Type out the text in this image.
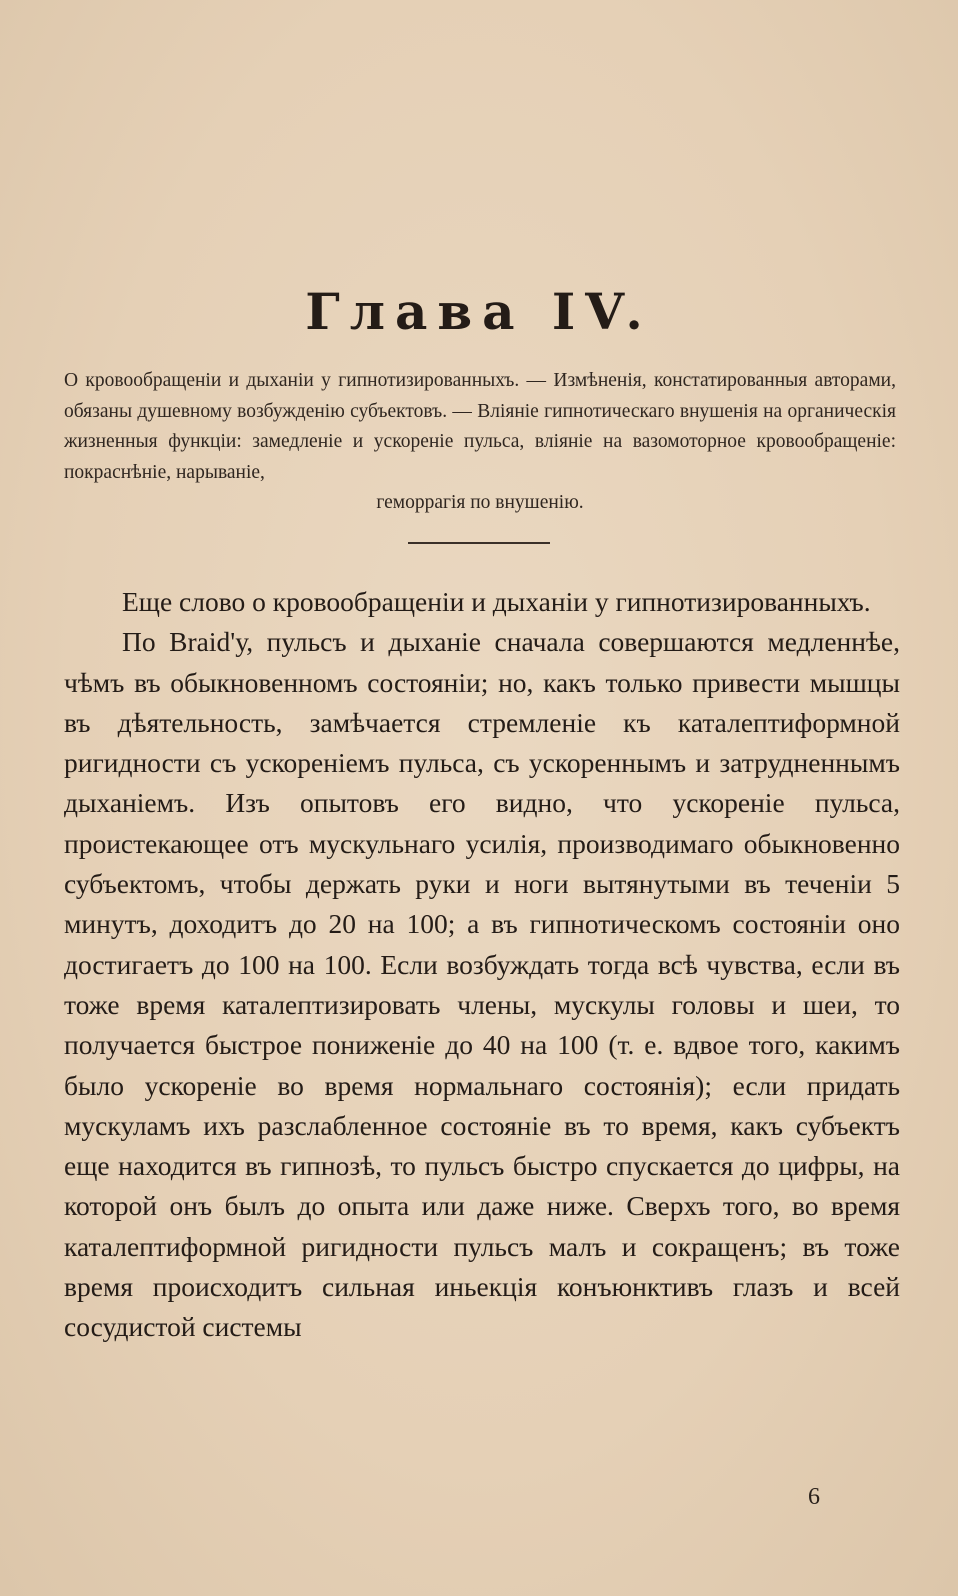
Глава IV.

О кровообращеніи и дыханіи у гипнотизированныхъ. — Измѣненія, констатированныя авторами, обязаны душевному возбужденію субъектовъ. — Вліяніе гипнотическаго внушенія на органическія жизненныя функціи: замедленіе и ускореніе пульса, вліяніе на вазомоторное кровообращеніе: покраснѣніе, нарываніе,
геморрагія по внушенію.

Еще слово о кровообращеніи и дыханіи у гипнотизированныхъ.

По Braid'у, пульсъ и дыханіе сначала совершаются медленнѣе, чѣмъ въ обыкновенномъ состояніи; но, какъ только привести мышцы въ дѣятельность, замѣчается стремленіе къ каталептиформной ригидности съ ускореніемъ пульса, съ ускореннымъ и затрудненнымъ дыханіемъ. Изъ опытовъ его видно, что ускореніе пульса, проистекающее отъ мускульнаго усилія, производимаго обыкновенно субъектомъ, чтобы держать руки и ноги вытянутыми въ теченіи 5 минутъ, доходитъ до 20 на 100; а въ гипнотическомъ состояніи оно достигаетъ до 100 на 100. Если возбуждать тогда всѣ чувства, если въ тоже время каталептизировать члены, мускулы головы и шеи, то получается быстрое пониженіе до 40 на 100 (т. е. вдвое того, какимъ было ускореніе во время нормальнаго состоянія); если придать мускуламъ ихъ разслабленное состояніе въ то время, какъ субъектъ еще находится въ гипнозѣ, то пульсъ быстро спускается до цифры, на которой онъ былъ до опыта или даже ниже. Сверхъ того, во время каталептиформной ригидности пульсъ малъ и сокращенъ; въ тоже время происходитъ сильная иньекція конъюнктивъ глазъ и всей сосудистой системы

6
